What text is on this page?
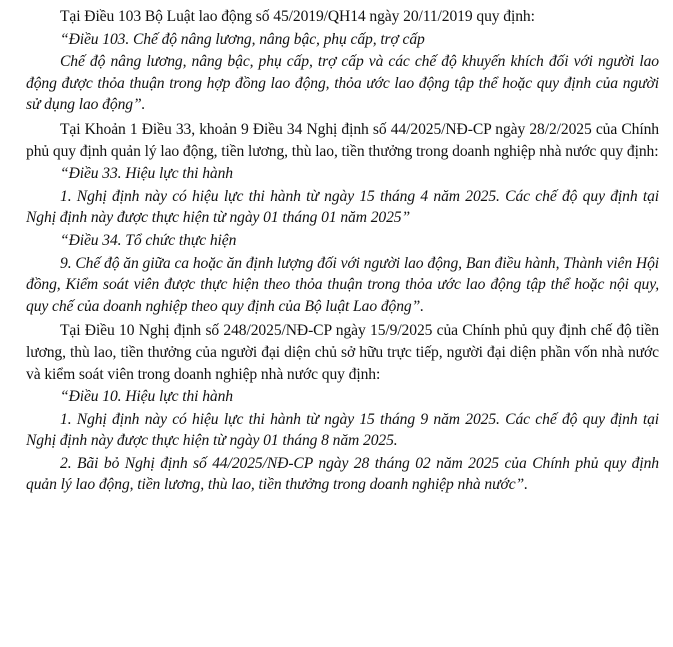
Tại Điều 103 Bộ Luật lao động số 45/2019/QH14 ngày 20/11/2019 quy định:

“Điều 103. Chế độ nâng lương, nâng bậc, phụ cấp, trợ cấp

Chế độ nâng lương, nâng bậc, phụ cấp, trợ cấp và các chế độ khuyến khích đối với người lao động được thỏa thuận trong hợp đồng lao động, thỏa ước lao động tập thể hoặc quy định của người sử dụng lao động”.

Tại Khoản 1 Điều 33, khoản 9 Điều 34 Nghị định số 44/2025/NĐ-CP ngày 28/2/2025 của Chính phủ quy định quản lý lao động, tiền lương, thù lao, tiền thưởng trong doanh nghiệp nhà nước quy định:

“Điều 33. Hiệu lực thi hành

1. Nghị định này có hiệu lực thi hành từ ngày 15 tháng 4 năm 2025. Các chế độ quy định tại Nghị định này được thực hiện từ ngày 01 tháng 01 năm 2025”

“Điều 34. Tổ chức thực hiện

9. Chế độ ăn giữa ca hoặc ăn định lượng đối với người lao động, Ban điều hành, Thành viên Hội đồng, Kiểm soát viên được thực hiện theo thỏa thuận trong thỏa ước lao động tập thể hoặc nội quy, quy chế của doanh nghiệp theo quy định của Bộ luật Lao động”.

Tại Điều 10 Nghị định số 248/2025/NĐ-CP ngày 15/9/2025 của Chính phủ quy định chế độ tiền lương, thù lao, tiền thưởng của người đại diện chủ sở hữu trực tiếp, người đại diện phần vốn nhà nước và kiểm soát viên trong doanh nghiệp nhà nước quy định:

“Điều 10. Hiệu lực thi hành

1. Nghị định này có hiệu lực thi hành từ ngày 15 tháng 9 năm 2025. Các chế độ quy định tại Nghị định này được thực hiện từ ngày 01 tháng 8 năm 2025.

2. Bãi bỏ Nghị định số 44/2025/NĐ-CP ngày 28 tháng 02 năm 2025 của Chính phủ quy định quản lý lao động, tiền lương, thù lao, tiền thưởng trong doanh nghiệp nhà nước”.
